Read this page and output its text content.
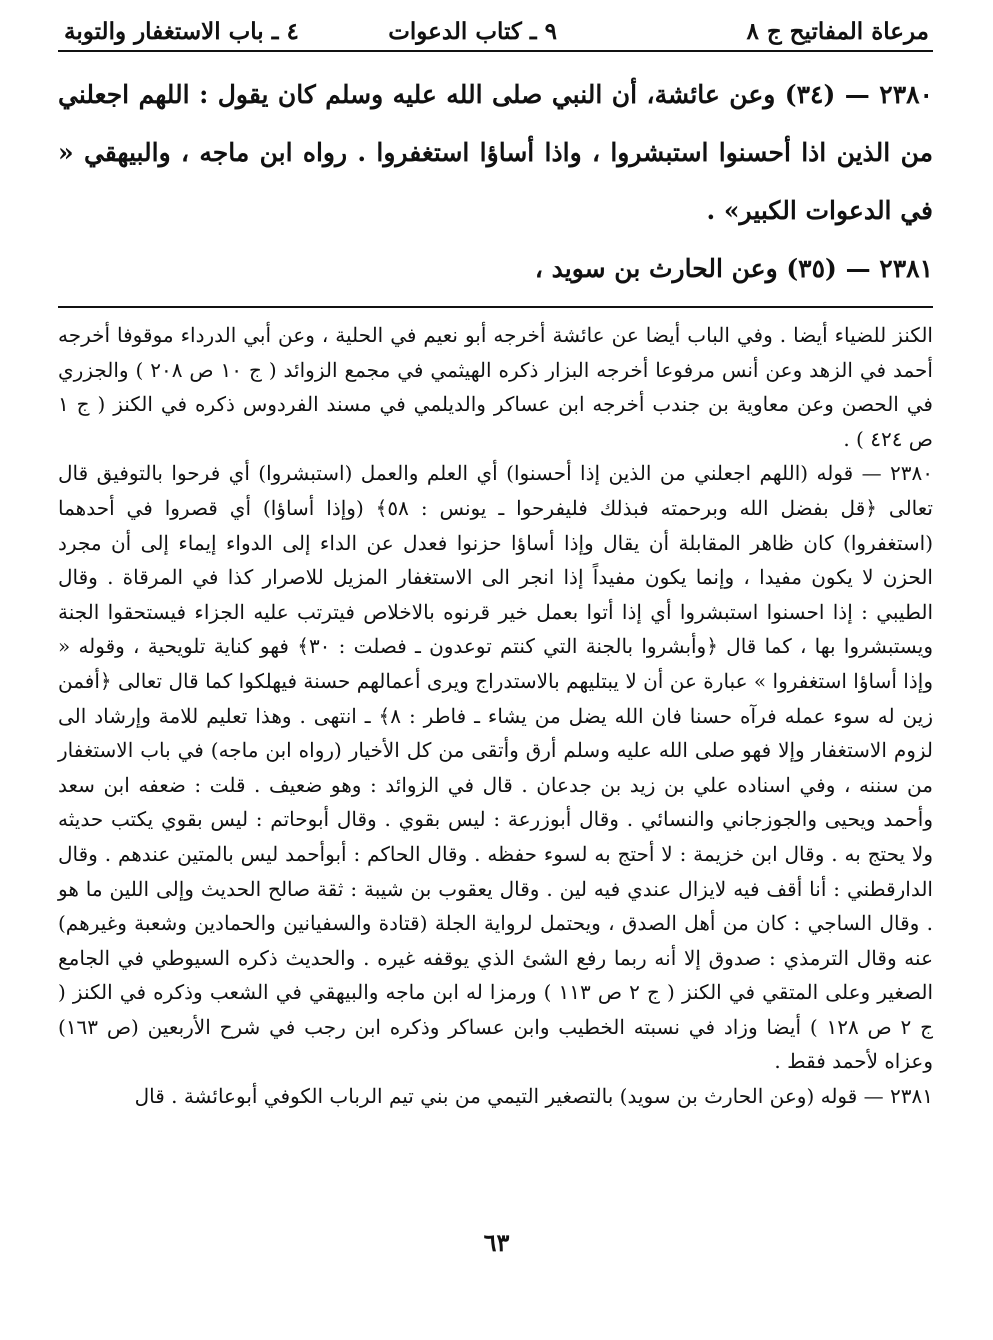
مرعاة المفاتيح ج ٨
٩ ـ كتاب الدعوات
٤ ـ باب الاستغفار والتوبة

٢٣٨٠ — (٣٤) وعن عائشة، أن النبي صلى الله عليه وسلم كان يقول : اللهم اجعلني من الذين اذا أحسنوا استبشروا ، واذا أساؤا استغفروا . رواه ابن ماجه ، والبيهقي « في الدعوات الكبير» .

٢٣٨١ — (٣٥) وعن الحارث بن سويد ،

الكنز للضياء أيضا . وفي الباب أيضا عن عائشة أخرجه أبو نعيم في الحلية ، وعن أبي الدرداء موقوفا أخرجه أحمد في الزهد وعن أنس مرفوعا أخرجه البزار ذكره الهيثمي في مجمع الزوائد ( ج ١٠ ص ٢٠٨ ) والجزري في الحصن وعن معاوية بن جندب أخرجه ابن عساكر والديلمي في مسند الفردوس ذكره في الكنز ( ج ١ ص ٤٢٤ ) .

٢٣٨٠ — قوله (اللهم اجعلني من الذين إذا أحسنوا) أي العلم والعمل (استبشروا) أي فرحوا بالتوفيق قال تعالى ﴿قل بفضل الله وبرحمته فبذلك فليفرحوا ـ يونس : ٥٨﴾ (وإذا أساؤا) أي قصروا في أحدهما (استغفروا) كان ظاهر المقابلة أن يقال وإذا أساؤا حزنوا فعدل عن الداء إلى الدواء إيماء إلى أن مجرد الحزن لا يكون مفيدا ، وإنما يكون مفيداً إذا انجر الى الاستغفار المزيل للاصرار كذا في المرقاة . وقال الطيبي : إذا احسنوا استبشروا أي إذا أتوا بعمل خير قرنوه بالاخلاص فيترتب عليه الجزاء فيستحقوا الجنة ويستبشروا بها ، كما قال ﴿وأبشروا بالجنة التي كنتم توعدون ـ فصلت : ٣٠﴾ فهو كناية تلويحية ، وقوله « وإذا أساؤا استغفروا » عبارة عن أن لا يبتليهم بالاستدراج ويرى أعمالهم حسنة فيهلكوا كما قال تعالى ﴿أفمن زين له سوء عمله فرآه حسنا فان الله يضل من يشاء ـ فاطر : ٨﴾ ـ انتهى . وهذا تعليم للامة وإرشاد الى لزوم الاستغفار وإلا فهو صلى الله عليه وسلم أرق وأتقى من كل الأخيار (رواه ابن ماجه) في باب الاستغفار من سننه ، وفي اسناده علي بن زيد بن جدعان . قال في الزوائد : وهو ضعيف . قلت : ضعفه ابن سعد وأحمد ويحيى والجوزجاني والنسائي . وقال أبوزرعة : ليس بقوي . وقال أبوحاتم : ليس بقوي يكتب حديثه ولا يحتج به . وقال ابن خزيمة : لا أحتج به لسوء حفظه . وقال الحاكم : أبوأحمد ليس بالمتين عندهم . وقال الدارقطني : أنا أقف فيه لايزال عندي فيه لين . وقال يعقوب بن شيبة : ثقة صالح الحديث وإلى اللين ما هو . وقال الساجي : كان من أهل الصدق ، ويحتمل لرواية الجلة (قتادة والسفيانين والحمادين وشعبة وغيرهم) عنه وقال الترمذي : صدوق إلا أنه ربما رفع الشئ الذي يوقفه غيره . والحديث ذكره السيوطي في الجامع الصغير وعلى المتقي في الكنز ( ج ٢ ص ١١٣ ) ورمزا له ابن ماجه والبيهقي في الشعب وذكره في الكنز ( ج ٢ ص ١٢٨ ) أيضا وزاد في نسبته الخطيب وابن عساكر وذكره ابن رجب في شرح الأربعين (ص ١٦٣) وعزاه لأحمد فقط .

٢٣٨١ — قوله (وعن الحارث بن سويد) بالتصغير التيمي من بني تيم الرباب الكوفي أبوعائشة . قال

٦٣
